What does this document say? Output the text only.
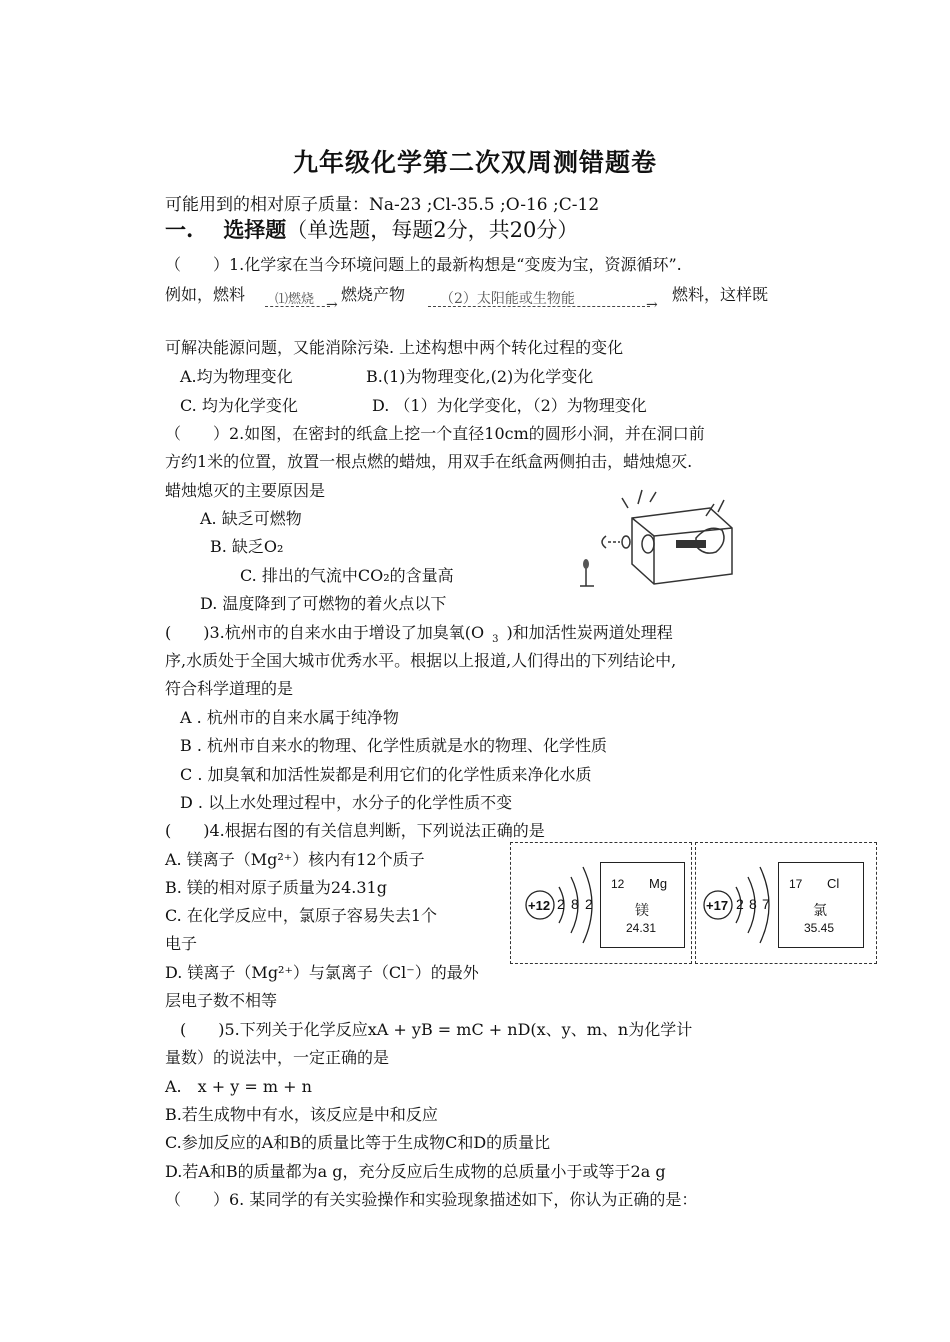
九年级化学第二次双周测错题卷
可能用到的相对原子质量：Na-23 ;Cl-35.5 ;O-16 ;C-12
一. 选择题（单选题，每题2分，共20分）
（　　）1.化学家在当今环境问题上的最新构想是“变废为宝，资源循环”.
例如，燃料 ⑴燃烧 →
燃烧产物 （2）太阳能或生物能	→
燃料，这样既
可解决能源问题，又能消除污染. 上述构想中两个转化过程的变化
A.均为物理变化	B.(1)为物理变化,(2)为化学变化
C. 均为化学变化	D. （1）为化学变化，（2）为物理变化
（　　）2.如图，在密封的纸盒上挖一个直径10cm的圆形小洞，并在洞口前
方约1米的位置，放置一根点燃的蜡烛，用双手在纸盒两侧拍击，蜡烛熄灭.
蜡烛熄灭的主要原因是
A. 缺乏可燃物
B. 缺乏O₂
C. 排出的气流中CO₂的含量高
D. 温度降到了可燃物的着火点以下
(　　)3.杭州市的自来水由于增设了加臭氧(O $_3$ )和加活性炭两道处理程
序,水质处于全国大城市优秀水平。根据以上报道,人们得出的下列结论中,
符合科学道理的是
A . 杭州市的自来水属于纯净物
B . 杭州市自来水的物理、化学性质就是水的物理、化学性质
C . 加臭氧和加活性炭都是利用它们的化学性质来净化水质
D . 以上水处理过程中，水分子的化学性质不变
(　　)4.根据右图的有关信息判断，下列说法正确的是
A. 镁离子（Mg²⁺）核内有12个质子
B. 镁的相对原子质量为24.31g
C. 在化学反应中，氯原子容易失去1个
电子
D. 镁离子（Mg²⁺）与氯离子（Cl⁻）的最外
层电子数不相等
+12 2 8 2
12 Mg
镁
24.31
+17 2 8 7
17 Cl
氯
35.45
(　　)5.下列关于化学反应xA + yB = mC + nD(x、y、m、n为化学计
量数）的说法中，一定正确的是
A.　x + y = m + n
B.若生成物中有水，该反应是中和反应
C.参加反应的A和B的质量比等于生成物C和D的质量比
D.若A和B的质量都为a g，充分反应后生成物的总质量小于或等于2a g
（　　）6. 某同学的有关实验操作和实验现象描述如下，你认为正确的是：
